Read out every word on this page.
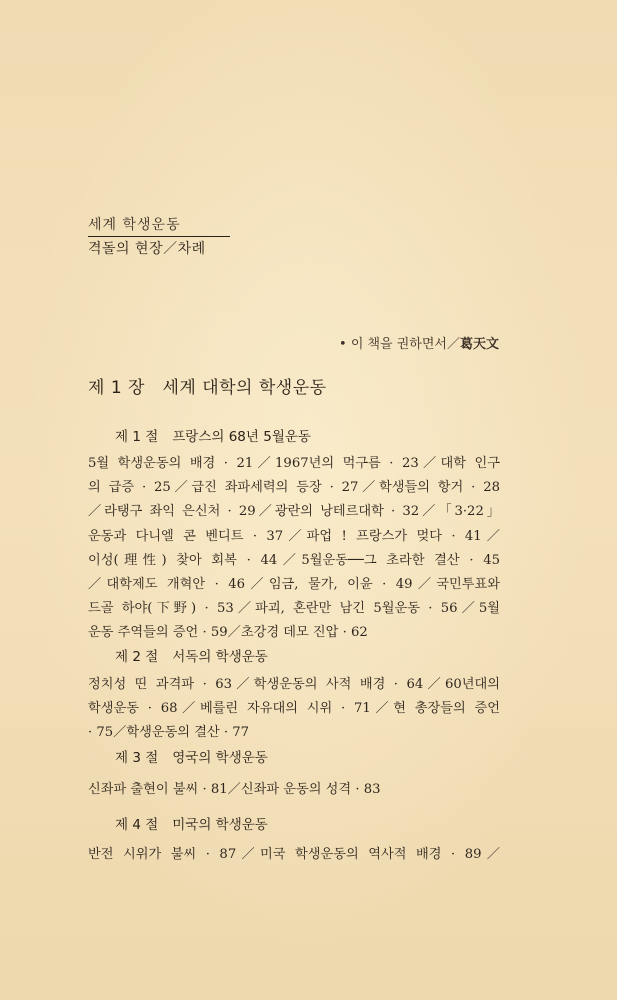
세계 학생운동
격돌의 현장／차례
• 이 책을 권하면서／葛天文
제 1 장　세계 대학의 학생운동
제 1 절 프랑스의 68년 5월운동
5월 학생운동의 배경 · 21／1967년의 먹구름 · 23／대학 인구
의 급증 · 25／급진 좌파세력의 등장 · 27／학생들의 항거 · 28
／라탱구 좌익 은신처 · 29／광란의 낭테르대학 · 32／「3·22」
운동과 다니엘 콘 벤디트 · 37／파업 ! 프랑스가 멎다 · 41／
이성(理性) 찾아 회복 · 44／5월운동──그 초라한 결산 · 45
／대학제도 개혁안 · 46／임금, 물가, 이윤 · 49／국민투표와
드골 하야(下野) · 53／파괴, 혼란만 남긴 5월운동 · 56／5월
운동 주역들의 증언 · 59／초강경 데모 진압 · 62
제 2 절 서독의 학생운동
정치성 띤 과격파 · 63／학생운동의 사적 배경 · 64／60년대의
학생운동 · 68／베를린 자유대의 시위 · 71／현 총장들의 증언
· 75／학생운동의 결산 · 77
제 3 절 영국의 학생운동
신좌파 출현이 불씨 · 81／신좌파 운동의 성격 · 83
제 4 절 미국의 학생운동
반전 시위가 불씨 · 87／미국 학생운동의 역사적 배경 · 89／
